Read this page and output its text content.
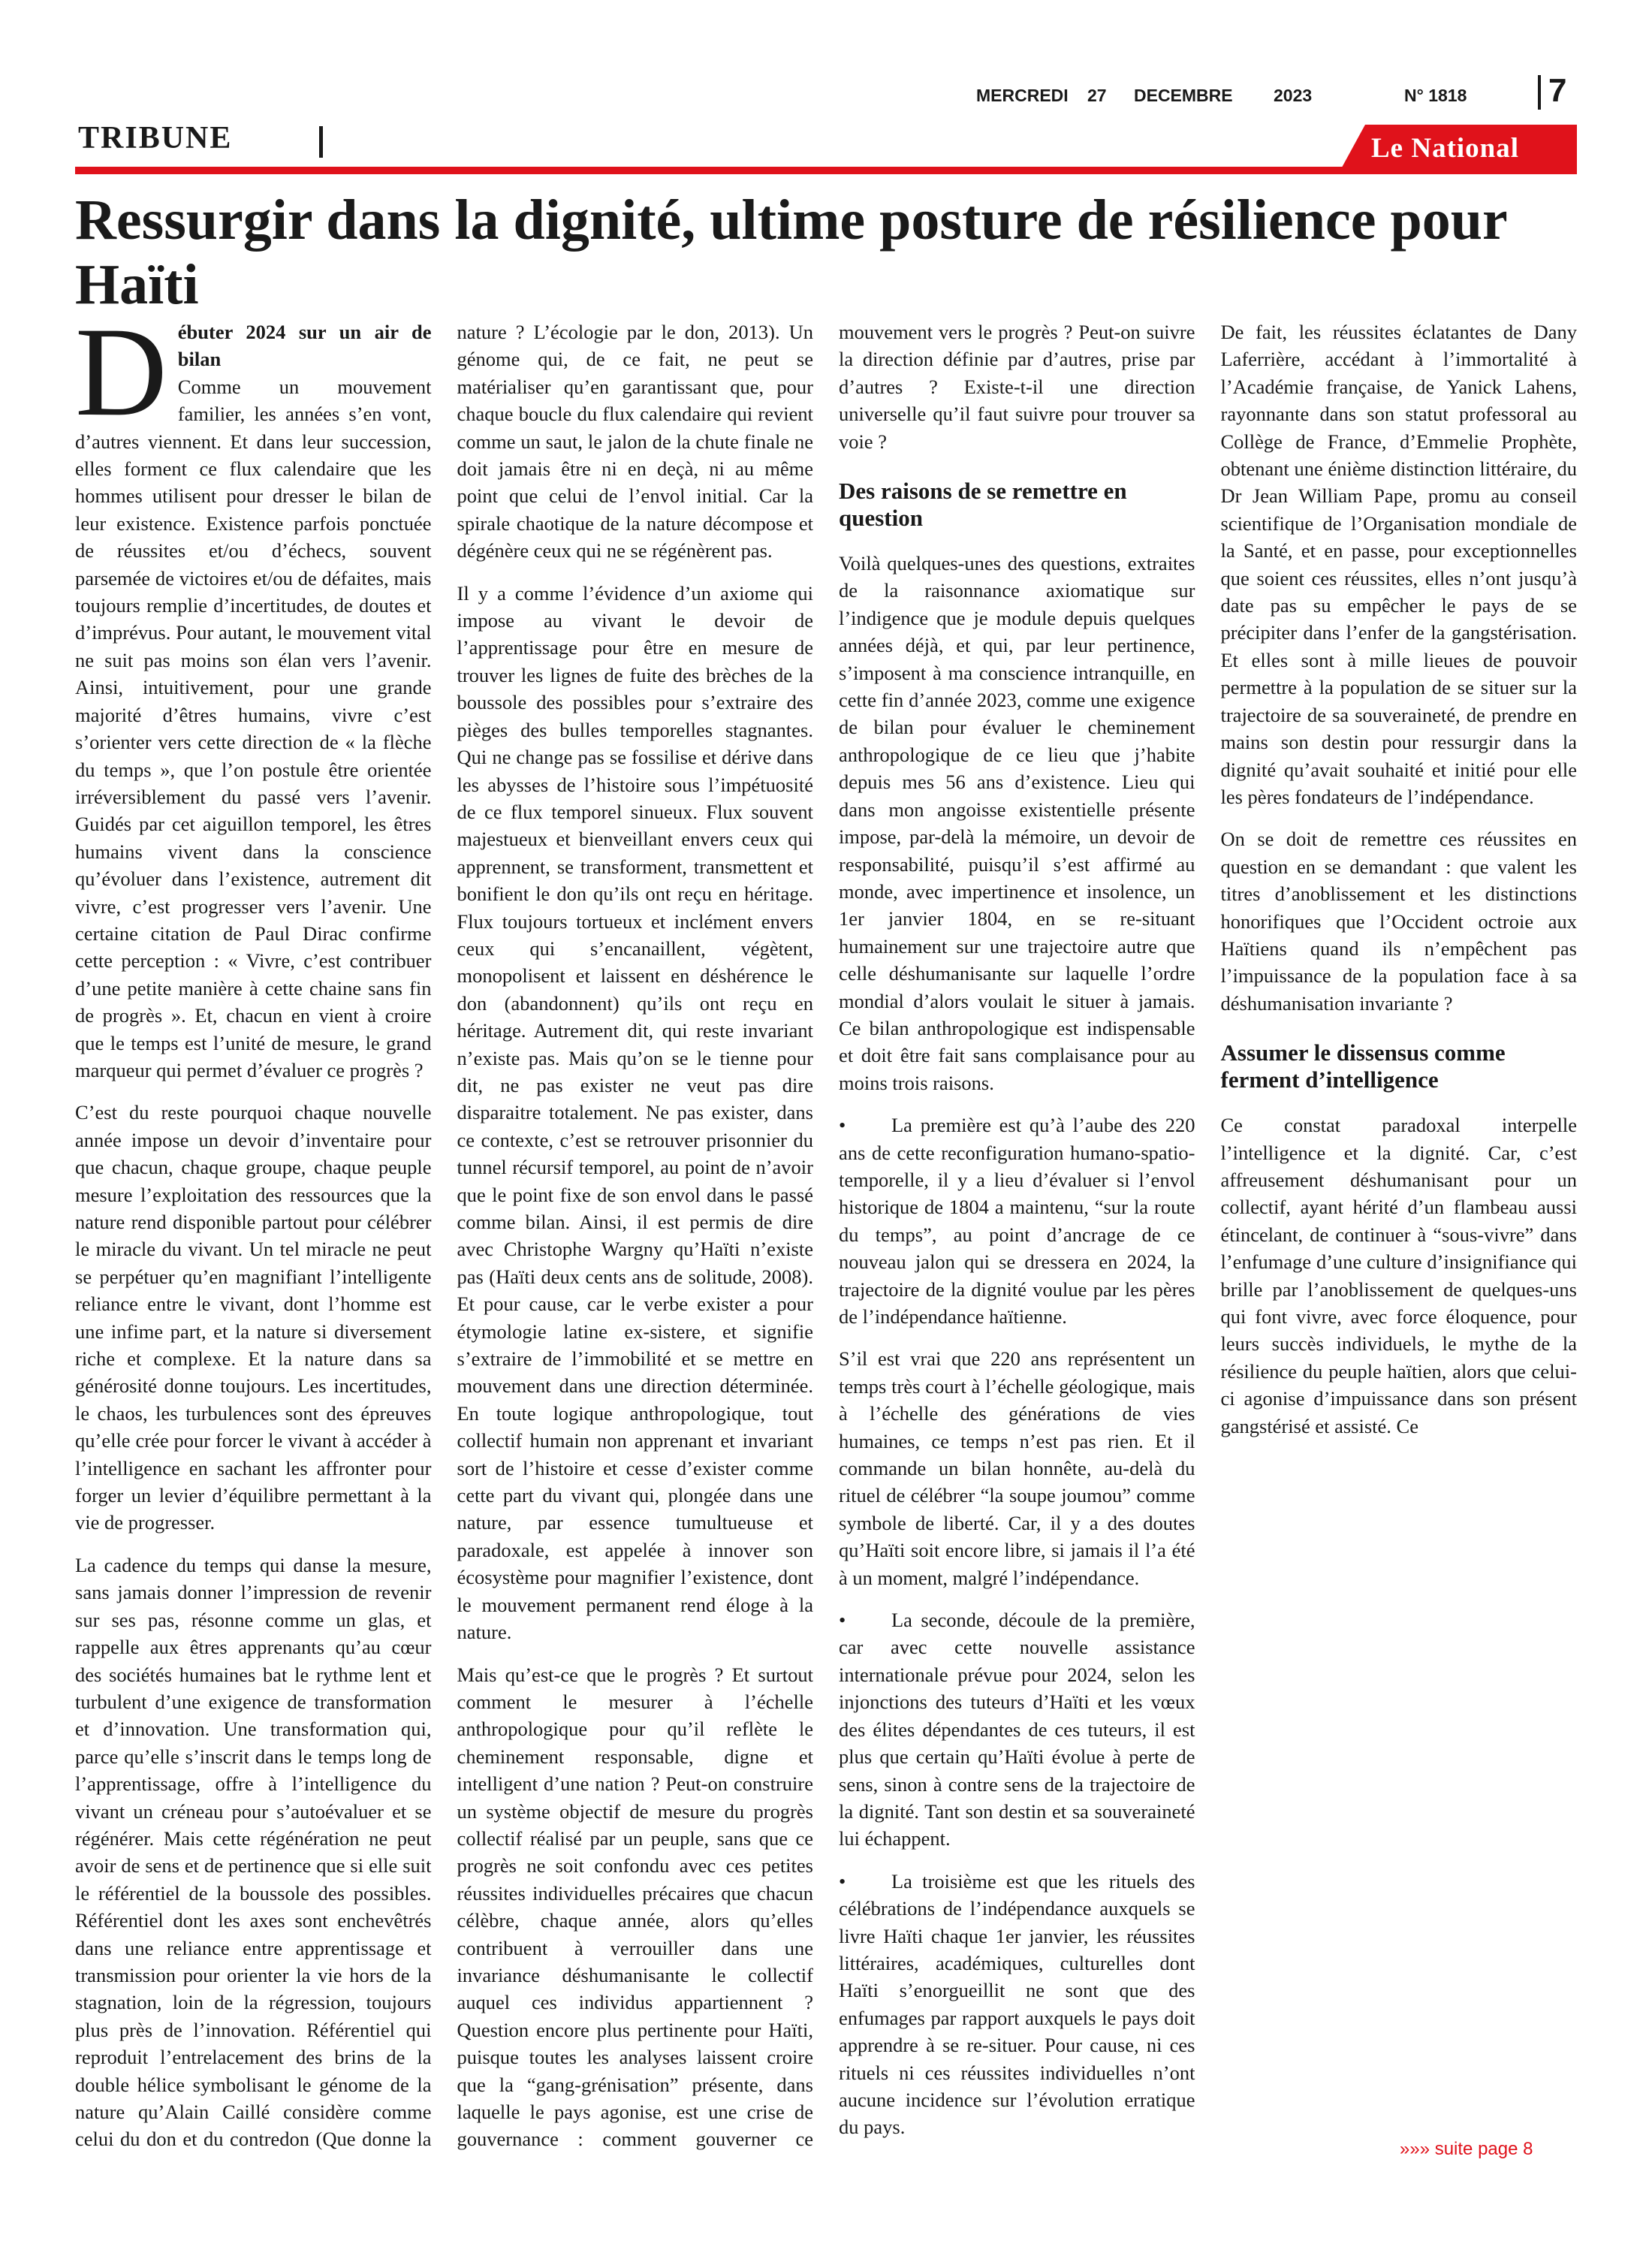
MERCREDI 27 DECEMBRE 2023	N° 1818 7
TRIBUNE	Le National
Ressurgir dans la dignité, ultime posture de résilience pour Haïti

D ébuter 2024 sur un air de bilan
Comme un mouvement familier, les années s’en vont, d’autres viennent. Et dans leur succession, elles forment ce flux calendaire que les hommes utilisent pour dresser le bilan de leur existence. Existence parfois ponctuée de réussites et/ou d’échecs, souvent parsemée de victoires et/ou de défaites, mais toujours remplie d’incertitudes, de doutes et d’imprévus. Pour autant, le mouvement vital ne suit pas moins son élan vers l’avenir. Ainsi, intuitivement, pour une grande majorité d’êtres humains, vivre c’est s’orienter vers cette direction de « la flèche du temps », que l’on postule être orientée irréversiblement du passé vers l’avenir. Guidés par cet aiguillon temporel, les êtres humains vivent dans la conscience qu’évoluer dans l’existence, autrement dit vivre, c’est progresser vers l’avenir. Une certaine citation de Paul Dirac confirme cette perception : « Vivre, c’est contribuer d’une petite manière à cette chaine sans fin de progrès ». Et, chacun en vient à croire que le temps est l’unité de mesure, le grand marqueur qui permet d’évaluer ce progrès ?

C’est du reste pourquoi chaque nouvelle année impose un devoir d’inventaire pour que chacun, chaque groupe, chaque peuple mesure l’exploitation des ressources que la nature rend disponible partout pour célébrer le miracle du vivant. Un tel miracle ne peut se perpétuer qu’en magnifiant l’intelligente reliance entre le vivant, dont l’homme est une infime part, et la nature si diversement riche et complexe. Et la nature dans sa générosité donne toujours. Les incertitudes, le chaos, les turbulences sont des épreuves qu’elle crée pour forcer le vivant à accéder à l’intelligence en sachant les affronter pour forger un levier d’équilibre permettant à la vie de progresser.

La cadence du temps qui danse la mesure, sans jamais donner l’impression de revenir sur ses pas, résonne comme un glas, et rappelle aux êtres apprenants qu’au cœur des sociétés humaines bat le rythme lent et turbulent d’une exigence de transformation et d’innovation. Une transformation qui, parce qu’elle s’inscrit dans le temps long de l’apprentissage, offre à l’intelligence du vivant un créneau pour s’autoévaluer et se régénérer. Mais cette régénération ne peut avoir de sens et de pertinence que si elle suit le référentiel de la boussole des possibles. Référentiel dont les axes sont enchevêtrés dans une reliance entre apprentissage et transmission pour orienter la vie hors de la stagnation, loin de la régression, toujours plus près de l’innovation. Référentiel qui reproduit l’entrelacement des brins de la double hélice symbolisant le génome de la nature qu’Alain Caillé considère comme celui du don et du contredon (Que donne la nature ? L’écologie par le don, 2013). Un génome qui, de ce fait, ne peut se matérialiser qu’en garantissant que, pour chaque boucle du flux calendaire qui revient comme un saut, le jalon de la chute finale ne doit jamais être ni en deçà, ni au même point que celui de l’envol initial. Car la spirale chaotique de la nature décompose et dégénère ceux qui ne se régénèrent pas.

Il y a comme l’évidence d’un axiome qui impose au vivant le devoir de l’apprentissage pour être en mesure de trouver les lignes de fuite des brèches de la boussole des possibles pour s’extraire des pièges des bulles temporelles stagnantes. Qui ne change pas se fossilise et dérive dans les abysses de l’histoire sous l’impétuosité de ce flux temporel sinueux. Flux souvent majestueux et bienveillant envers ceux qui apprennent, se transforment, transmettent et bonifient le don qu’ils ont reçu en héritage. Flux toujours tortueux et inclément envers ceux qui s’encanaillent, végètent, monopolisent et laissent en déshérence le don (abandonnent) qu’ils ont reçu en héritage. Autrement dit, qui reste invariant n’existe pas. Mais qu’on se le tienne pour dit, ne pas exister ne veut pas dire disparaitre totalement. Ne pas exister, dans ce contexte, c’est se retrouver prisonnier du tunnel récursif temporel, au point de n’avoir que le point fixe de son envol dans le passé comme bilan. Ainsi, il est permis de dire avec Christophe Wargny qu’Haïti n’existe pas (Haïti deux cents ans de solitude, 2008). Et pour cause, car le verbe exister a pour étymologie latine ex-sistere, et signifie s’extraire de l’immobilité et se mettre en mouvement dans une direction déterminée. En toute logique anthropologique, tout collectif humain non apprenant et invariant sort de l’histoire et cesse d’exister comme cette part du vivant qui, plongée dans une nature, par essence tumultueuse et paradoxale, est appelée à innover son écosystème pour magnifier l’existence, dont le mouvement permanent rend éloge à la nature.

Mais qu’est-ce que le progrès ? Et surtout comment le mesurer à l’échelle anthropologique pour qu’il reflète le cheminement responsable, digne et intelligent d’une nation ? Peut-on construire un système objectif de mesure du progrès collectif réalisé par un peuple, sans que ce progrès ne soit confondu avec ces petites réussites individuelles précaires que chacun célèbre, chaque année, alors qu’elles contribuent à verrouiller dans une invariance déshumanisante le collectif auquel ces individus appartiennent ? Question encore plus pertinente pour Haïti, puisque toutes les analyses laissent croire que la “gang-grénisation” présente, dans laquelle le pays agonise, est une crise de gouvernance : comment gouverner ce mouvement vers le progrès ? Peut-on suivre la direction définie par d’autres, prise par d’autres ? Existe-t-il une direction universelle qu’il faut suivre pour trouver sa voie ?

Des raisons de se remettre en question

Voilà quelques-unes des questions, extraites de la raisonnance axiomatique sur l’indigence que je module depuis quelques années déjà, et qui, par leur pertinence, s’imposent à ma conscience intranquille, en cette fin d’année 2023, comme une exigence de bilan pour évaluer le cheminement anthropologique de ce lieu que j’habite depuis mes 56 ans d’existence. Lieu qui dans mon angoisse existentielle présente impose, par-delà la mémoire, un devoir de responsabilité, puisqu’il s’est affirmé au monde, avec impertinence et insolence, un 1er janvier 1804, en se re-situant humainement sur une trajectoire autre que celle déshumanisante sur laquelle l’ordre mondial d’alors voulait le situer à jamais. Ce bilan anthropologique est indispensable et doit être fait sans complaisance pour au moins trois raisons.

• La première est qu’à l’aube des 220 ans de cette reconfiguration humano-spatio-temporelle, il y a lieu d’évaluer si l’envol historique de 1804 a maintenu, “sur la route du temps”, au point d’ancrage de ce nouveau jalon qui se dressera en 2024, la trajectoire de la dignité voulue par les pères de l’indépendance haïtienne.

S’il est vrai que 220 ans représentent un temps très court à l’échelle géologique, mais à l’échelle des générations de vies humaines, ce temps n’est pas rien. Et il commande un bilan honnête, au-delà du rituel de célébrer “la soupe joumou” comme symbole de liberté. Car, il y a des doutes qu’Haïti soit encore libre, si jamais il l’a été à un moment, malgré l’indépendance.

• La seconde, découle de la première, car avec cette nouvelle assistance internationale prévue pour 2024, selon les injonctions des tuteurs d’Haïti et les vœux des élites dépendantes de ces tuteurs, il est plus que certain qu’Haïti évolue à perte de sens, sinon à contre sens de la trajectoire de la dignité. Tant son destin et sa souveraineté lui échappent.

• La troisième est que les rituels des célébrations de l’indépendance auxquels se livre Haïti chaque 1er janvier, les réussites littéraires, académiques, culturelles dont Haïti s’enorgueillit ne sont que des enfumages par rapport auxquels le pays doit apprendre à se re-situer. Pour cause, ni ces rituels ni ces réussites individuelles n’ont aucune incidence sur l’évolution erratique du pays.

De fait, les réussites éclatantes de Dany Laferrière, accédant à l’immortalité à l’Académie française, de Yanick Lahens, rayonnante dans son statut professoral au Collège de France, d’Emmelie Prophète, obtenant une énième distinction littéraire, du Dr Jean William Pape, promu au conseil scientifique de l’Organisation mondiale de la Santé, et en passe, pour exceptionnelles que soient ces réussites, elles n’ont jusqu’à date pas su empêcher le pays de se précipiter dans l’enfer de la gangstérisation. Et elles sont à mille lieues de pouvoir permettre à la population de se situer sur la trajectoire de sa souveraineté, de prendre en mains son destin pour ressurgir dans la dignité qu’avait souhaité et initié pour elle les pères fondateurs de l’indépendance.

On se doit de remettre ces réussites en question en se demandant : que valent les titres d’anoblissement et les distinctions honorifiques que l’Occident octroie aux Haïtiens quand ils n’empêchent pas l’impuissance de la population face à sa déshumanisation invariante ?

Assumer le dissensus comme ferment d’intelligence

Ce constat paradoxal interpelle l’intelligence et la dignité. Car, c’est affreusement déshumanisant pour un collectif, ayant hérité d’un flambeau aussi étincelant, de continuer à “sous-vivre” dans l’enfumage d’une culture d’insignifiance qui brille par l’anoblissement de quelques-uns qui font vivre, avec force éloquence, pour leurs succès individuels, le mythe de la résilience du peuple haïtien, alors que celui-ci agonise d’impuissance dans son présent gangstérisé et assisté. Ce

»»» suite page 8
